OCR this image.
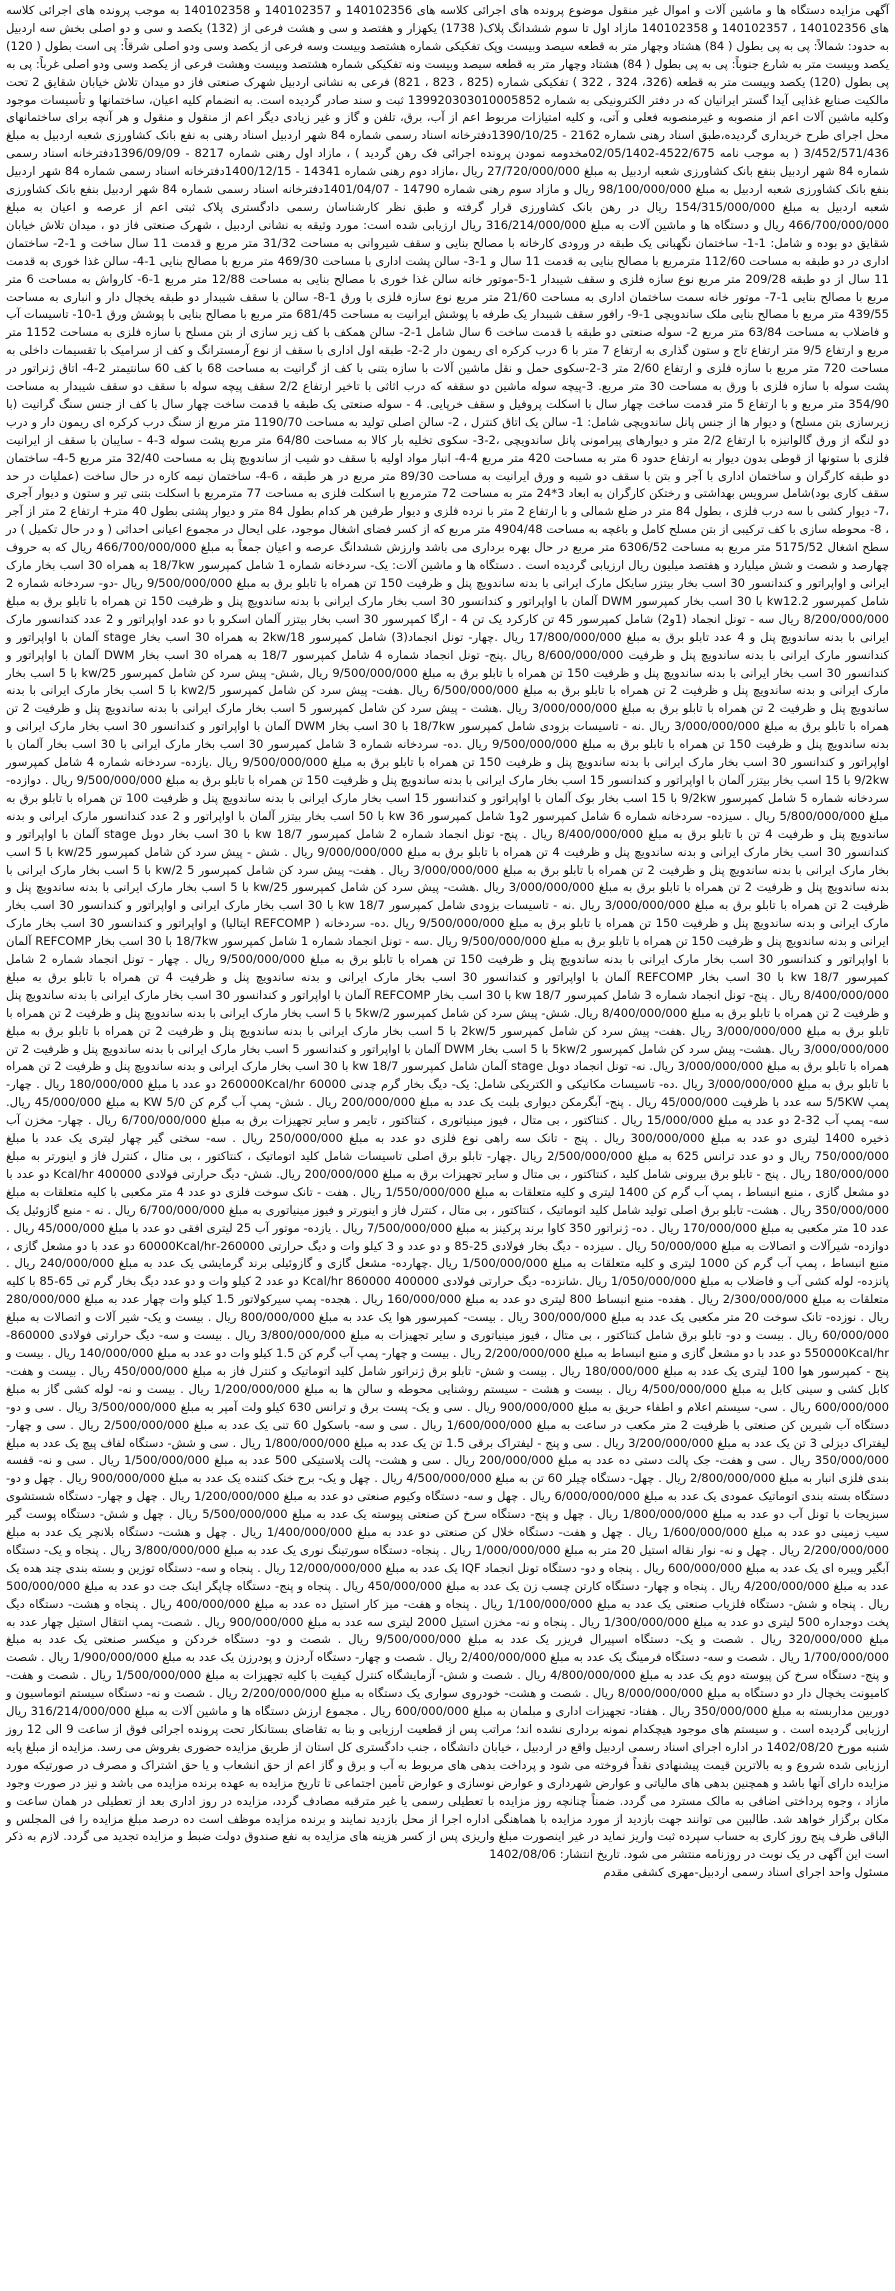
آگهی مزایده دستگاه ها و ماشین آلات و اموال غیر منقول موضوع پرونده های اجرائی کلاسه های 140102356 و 140102357 و 140102358 به موجب پرونده های اجرائی کلاسه های 140102356 ، 140102357 و 140102358 مازاد اول تا سوم ششدانگ پلاک( 1738) یکهزار و هفتصد و سی و هشت فرعی از (132) یکصد و سی و دو اصلی بخش سه اردبیل به حدود: شمالاً: پی به پی بطول ( 84) هشتاد وچهار متر به قطعه سیصد وبیست وپک تفکیکی شماره هشتصد وبیست وسه فرعی از یکصد وسی ودو اصلی شرقاً: پی است بطول ( 120) یکصد وبیست متر به شارع جنوباً: پی به پی بطول ( 84) هشتاد وچهار متر به قطعه سیصد وبیست ونه تفکیکی شماره هشتصد وبیست وهشت فرعی از یکصد وسی ودو اصلی غرباً: پی به پی بطول (120) یکصد وبیست متر به قطعه (326، 324 ، 322 ) تفکیکی شماره (825 ، 823 ، 821) فرعی به نشانی اردبیل شهرک صنعتی فاز دو میدان تلاش خیابان شقایق 2 تحت مالکیت صنایع غذایی آیدا گستر ایرانیان که در دفتر الکترونیکی به شماره 13992030301000585​2 ثبت و سند صادر گردیده است. به انضمام کلیه اعیان، ساختمانها و تأسیسات موجود وکلیه ماشین آلات اعم از منصوبه و غیرمنصوبه فعلی و آتی، و کلیه امتیازات مربوط اعم از آب، برق، تلفن و گاز و غیر زیادی دیگر اعم از منقول و منقول و هر آنچه برای ساختمانهای محل اجرای طرح خریداری گردیده،طبق اسناد رهنی شماره 2162 - 1390/10/25دفترخانه اسناد رسمی شماره 84 شهر اردبیل اسناد رهنی به نفع بانک کشاورزی شعبه اردبیل به مبلغ 3/452/571/436 ( به موجب نامه 4522/675-02/05/1402مخدومه نمودن پرونده اجرائی فک رهن گردید ) ، مازاد اول رهنی شماره 8217 - 1396/09/09دفترخانه اسناد رسمی شماره 84 شهر اردبیل بنفع بانک کشاورزی شعبه اردبیل به مبلغ 27/720/000/000 ریال ،مازاد دوم رهنی شماره 14341 - 1400/12/15دفترخانه اسناد رسمی شماره 84 شهر اردبیل بنفع بانک کشاورزی شعبه اردبیل به مبلغ 98/100/000/000 ریال و مازاد سوم رهنی شماره 14790 - 1401/04/07دفترخانه اسناد رسمی شماره 84 شهر اردبیل بنفع بانک کشاورزی شعبه اردبیل به مبلغ 154/315/000/000 ریال در رهن بانک کشاورزی قرار گرفته و طبق نظر کارشناسان رسمی دادگستری پلاک ثبتی اعم از عرصه و اعیان به مبلغ 466/700/000/000 ریال و دستگاه ها و ماشین آلات به مبلغ 316/214/000/000 ریال ارزیابی شده است: مورد وثیقه به نشانی اردبیل ، شهرک صنعتی فاز دو ، میدان تلاش خیابان شقایق دو بوده و شامل: 1-1- ساختمان نگهبانی یک طبقه در ورودی کارخانه با مصالح بنایی و سقف شیروانی به مساحت 31/32 متر مربع و قدمت 11 سال ساخت و 1-2- ساختمان اداری در دو طبقه به مساحت 112/60 مترمربع با مصالح بنایی به قدمت 11 سال و 1-3- سالن پشت اداری با مساحت 469/30 متر مربع با مصالح بنایی 1-4- سالن غذا خوری به قدمت 11 سال از دو طبقه 209/28 متر مربع نوع سازه فلزی و سقف شیبدار 1-5-موتور خانه سالن غذا خوری با مصالح بنایی به مساحت 12/88 متر مربع 1-6- کارواش به مساحت 6 متر مربع با مصالح بنایی 1-7- موتور خانه سمت ساختمان اداری به مساحت 21/60 متر مربع نوع سازه فلزی با ورق 1-8- سالن با سقف شیبدار دو طبقه یخچال دار و انباری به مساحت 439/55 متر مربع با مصالح بنایی ملک ساندویچی 1-9- رافور سقف شیبدار یک طرفه با پوشش ایرانیت به مساحت 681/45 متر مربع با مصالح بنایی با پوشش ورق 1-10- تاسیسات آب و فاضلاب به مساحت 63/84 متر مربع 2- سوله صنعتی دو طبقه با قدمت ساخت 6 سال شامل 1-2- سالن همکف با کف زیر سازی از بتن مسلح با سازه فلزی به مساحت 1152 متر مربع و ارتفاع 9/5 متر ارتفاع تاج و ستون گذاری به ارتفاع 7 متر با 6 درب کرکره ای ریمون دار 2-2- طبقه اول اداری با سقف از نوع آرمسترانگ و کف از سرامیک با تقسیمات داخلی به مساحت 720 متر مربع با سازه فلزی و ارتفاع 2/60 متر 3-2-سکوی حمل و نقل ماشین آلات با سازه بتنی با کف از گرانیت به مساحت 68 با کف 60 سانتیمتر 2-4- اتاق ژنراتور در پشت سوله با سازه فلزی با ورق به مساحت 30 متر مربع. 3-پیچه سوله ماشین دو سقفه که درب اثاثی با تاخیر ارتفاع 2/2 سقف پیچه سوله با سقف دو سقف شیبدار به مساحت 354/90 متر مربع و با ارتفاع 5 متر قدمت ساخت چهار سال با اسکلت پروفیل و سقف خرپایی. 4 - سوله صنعتی یک طبقه با قدمت ساخت چهار سال با کف از جنس سنگ گرانیت (با زیرسازی بتن مسلح) و دیوار ها از جنس پانل ساندویچی شامل: 1- سالن یک اتاق کنترل ، 2- سالن اصلی تولید به مساحت 1190/70 متر مربع از سنگ درب کرکره ای ریمون دار و درب دو لنگه از ورق گالوانیزه با ارتفاع 2/2 متر و دیوارهای پیرامونی پانل ساندویچی ،2-3- سکوی تخلیه بار کالا به مساحت 64/80 متر مربع پشت سوله 3-4 - سایبان با سقف از ایرانیت فلزی با ستونها از قوطی بدون دیوار به ارتفاع حدود 6 متر به مساحت 420 متر مربع 4-4- انبار مواد اولیه با سقف دو شیب از ساندویچ پنل به مساحت 32/40 متر مربع 5-4- ساختمان دو طبقه کارگران و ساختمان اداری با آجر و بتن با سقف دو شیبه و ورق ایرانیت به مساحت 89/30 متر مربع در هر طبقه ، 6-4- ساختمان نیمه کاره در حال ساخت (عملیات در حد سقف کاری بود)شامل سرویس بهداشتی و رختکن کارگران به ابعاد 3*24 متر به مساحت 72 مترمربع با اسکلت فلزی به مساحت 77 مترمربع با اسکلت بتنی تیر و ستون و دیوار آجری ،7- دیوار کشی با سه درب فلزی ، بطول 84 متر در ضلع شمالی و با ارتفاع 2 متر با نرده فلزی و دیوار طرفین هر کدام بطول 84 متر و دیوار پشتی بطول 40 متر+ ارتفاع 2 متر از آجر ، 8- محوطه سازی با کف ترکیبی از بتن مسلح کامل و باغچه به مساحت 4904/48 متر مربع که از کسر فضای اشغال موجود، علی ایحال در مجموع اعیانی احداثی ( و در حال تکمیل ) در سطح اشغال 5175/52 متر مربع به مساحت 6306/52 متر مربع در حال بهره برداری می باشد وارزش ششدانگ عرصه و اعیان جمعاً به مبلغ 466/700/000/000 ریال که به حروف چهارصد و شصت و شش میلیارد و هفتصد میلیون ریال ارزیابی گردیده است . دستگاه ها و ماشین آلات: یک- سردخانه شماره 1 شامل کمپرسور 18/7kw به همراه 30 اسب بخار مارک ایرانی و اواپراتور و کندانسور 30 اسب بخار بیتزر سایکل مارک ایرانی با بدنه ساندویچ پنل و ظرفیت 150 تن همراه با تابلو برق به مبلغ 9/500/000/000 ریال -دو- سردخانه شماره 2 شامل کمپرسور kw12.2 با 30 اسب بخار کمپرسور DWM آلمان با اواپراتور و کندانسور 30 اسب بخار مارک ایرانی با بدنه ساندویچ پنل و ظرفیت 150 تن همراه با تابلو برق به مبلغ 8/200/000/000 ریال سه - تونل انجماد (1و2) شامل کمپرسور 45 تن کارکرد یک تن 4 - ارگا کمپرسور 30 اسب بخار بیتزر آلمان اسکرو با دو عدد اواپراتور و 2 عدد کندانسور مارک ایرانی با بدنه ساندویچ پنل و 4 عدد تابلو برق به مبلغ 17/800/000/000 ریال .چهار- تونل انجماد(3) شامل کمپرسور 2kw/18 به همراه 30 اسب بخار stage آلمان با اواپراتور و کندانسور مارک ایرانی با بدنه ساندویچ پنل و ظرفیت 8/600/000/000 ریال .پنج- تونل انجماد شماره 4 شامل کمپرسور 18/7 به همراه 30 اسب بخار DWM آلمان با اواپراتور و کندانسور 30 اسب بخار ایرانی با بدنه ساندویچ پنل و ظرفیت 150 تن همراه با تابلو برق به مبلغ 9/500/000/000 ریال ,شش- پیش سرد کن شامل کمپرسور kw/25 با 5 اسب بخار مارک ایرانی و بدنه ساندویچ پنل و ظرفیت 2 تن همراه با تابلو برق به مبلغ 6/500/000/000 ریال .هفت- پیش سرد کن شامل کمپرسور kw2/5 با 5 اسب بخار مارک ایرانی با بدنه ساندویچ پنل و ظرفیت 2 تن همراه با تابلو برق به مبلغ 3/000/000/000 ریال .هشت - پیش سرد کن شامل کمپرسور 5 اسب بخار مارک ایرانی با بدنه ساندویچ پنل و ظرفیت 2 تن همراه با تابلو برق به مبلغ 3/000/000/000 ریال .نه - تاسیسات بزودی شامل کمپرسور 18/7kw با 30 اسب بخار DWM آلمان با اواپراتور و کندانسور 30 اسب بخار مارک ایرانی و بدنه ساندویچ پنل و ظرفیت 150 تن همراه با تابلو برق به مبلغ 9/500/000/000 ریال .ده- سردخانه شماره 3 شامل کمپرسور 30 اسب بخار مارک ایرانی با 30 اسب بخار آلمان با اواپراتور و کندانسور 30 اسب بخار مارک ایرانی با بدنه ساندویچ پنل و ظرفیت 150 تن همراه با تابلو برق به مبلغ 9/500/000/000 ریال .یازده- سردخانه شماره 4 شامل کمپرسور 9/2kw با 15 اسب بخار بیتزر آلمان با اواپراتور و کندانسور 15 اسب بخار مارک ایرانی با بدنه ساندویچ پنل و ظرفیت 150 تن همراه با تابلو برق به مبلغ 9/500/000/000 ریال . دوازده- سردخانه شماره 5 شامل کمپرسور 9/2kw با 15 اسب بخار بوک آلمان با اواپراتور و کندانسور 15 اسب بخار مارک ایرانی با بدنه ساندویچ پنل و ظرفیت 100 تن همراه با تابلو برق به مبلغ 5/800/000/000 ریال . سیزده- سردخانه شماره 6 شامل کمپرسور 2و1 شامل کمپرسور 36 kw با 50 اسب بخار بیتزر آلمان با اواپراتور و 2 عدد کندانسور مارک ایرانی و بدنه ساندویچ پنل و ظرفیت 4 تن با تابلو برق به مبلغ 8/400/000/000 ریال . پنج- تونل انجماد شماره 2 شامل کمپرسور 18/7 kw با 30 اسب بخار دوبل stage آلمان با اواپراتور و کندانسور 30 اسب بخار مارک ایرانی و بدنه ساندویچ پنل و ظرفیت 4 تن همراه با تابلو برق به مبلغ 9/000/000/000 ریال . شش - پیش سرد کن شامل کمپرسور kw/25 با 5 اسب بخار مارک ایرانی با بدنه ساندویچ پنل و ظرفیت 2 تن همراه با تابلو برق به مبلغ 3/000/000/000 ریال . هفت- پیش سرد کن شامل کمپرسور 5 kw/2 با 5 اسب بخار مارک ایرانی با بدنه ساندویچ پنل و ظرفیت 2 تن همراه با تابلو برق به مبلغ 3/000/000/000 ریال .هشت- پیش سرد کن شامل کمپرسور kw/25 با 5 اسب بخار مارک ایرانی با بدنه ساندویچ پنل و ظرفیت 2 تن همراه با تابلو برق به مبلغ 3/000/000/000 ریال .نه - تاسیسات بزودی شامل کمپرسور 18/7 kw با 30 اسب بخار مارک ایرانی و اواپراتور و کندانسور 30 اسب بخار مارک ایرانی و بدنه ساندویچ پنل و ظرفیت 150 تن همراه با تابلو برق به مبلغ 9/500/000/000 ریال .ده- سردخانه ( REFCOMP ایتالیا) و اواپراتور و کندانسور 30 اسب بخار مارک ایرانی و بدنه ساندویچ پنل و ظرفیت 150 تن همراه با تابلو برق به مبلغ 9/500/000/000 ریال .سه - تونل انجماد شماره 1 شامل کمپرسور 18/7kw با 30 اسب بخار REFCOMP آلمان با اواپراتور و کندانسور 30 اسب بخار مارک ایرانی با بدنه ساندویچ پنل و ظرفیت 150 تن همراه با تابلو برق به مبلغ 9/500/000/000 ریال . چهار - تونل انجماد شماره 2 شامل کمپرسور 18/7 kw با 30 اسب بخار REFCOMP آلمان با اواپراتور و کندانسور 30 اسب بخار مارک ایرانی و بدنه ساندویچ پنل و ظرفیت 4 تن همراه با تابلو برق به مبلغ 8/400/000/000 ریال . پنج- تونل انجماد شماره 3 شامل کمپرسور 18/7 kw با 30 اسب بخار REFCOMP آلمان با اواپراتور و کندانسور 30 اسب بخار مارک ایرانی با بدنه ساندویچ پنل و ظرفیت 2 تن همراه با تابلو برق به مبلغ 8/400/000/000 ریال. شش- پیش سرد کن شامل کمپرسور 5kw/2 با 5 اسب بخار مارک ایرانی با بدنه ساندویچ پنل و ظرفیت 2 تن همراه با تابلو برق به مبلغ 3/000/000/000 ریال .هفت- پیش سرد کن شامل کمپرسور 2kw/5 با 5 اسب بخار مارک ایرانی با بدنه ساندویچ پنل و ظرفیت 2 تن همراه با تابلو برق به مبلغ 3/000/000/000 ریال .هشت- پیش سرد کن شامل کمپرسور 5kw/2 با 5 اسب بخار DWM آلمان با اواپراتور و کندانسور 5 اسب بخار مارک ایرانی با بدنه ساندویچ پنل و ظرفیت 2 تن همراه با تابلو برق به مبلغ 3/000/000/000 ریال. نه- تونل انجماد دوبل stage آلمان شامل کمپرسور 18/7 kw با 30 اسب بخار مارک ایرانی و بدنه ساندویچ پنل و ظرفیت 2 تن همراه با تابلو برق به مبلغ 3/000/000/000 ریال .ده- تاسیسات مکانیکی و الکتریکی شامل: یک- دیگ بخار گرم چدنی 260000Kcal/hr 60000 دو عدد با مبلغ 180/000/000 ریال . چهار- پمپ 5/5KW سه عدد با ظرفیت 45/000/000 ریال . پنج- آبگرمکن دیواری بلبت یک عدد به مبلغ 200/000/000 ریال . شش- پمپ آب گرم کن 5/0 KW به مبلغ 45/000/000 ریال. سه- پمپ آب 32-2 دو عدد به مبلغ 15/000/000 ریال . کنتاکتور ، بی متال ، فیوز مینیاتوری ، کنتاکتور ، تایمر و سایر تجهیزات برق به مبلغ 6/700/000/000 ریال . چهار- مخزن آب ذخیره 1400 لیتری دو عدد به مبلغ 300/000/000 ریال . پنج - تانک سه راهی نوع فلزی دو عدد به مبلغ 250/000/000 ریال . سه- سختی گیر چهار لیتری یک عدد با مبلغ 750/000/000 ریال و دو عدد ترانس 625 به مبلغ 2/500/000/000 ریال .چهار- تابلو برق اصلی تاسیسات شامل کلید اتوماتیک ، کنتاکتور ، بی متال ، کنترل فاز و اینورتر به مبلغ 180/000/000 ریال . پنج - تابلو برق بیرونی شامل کلید ، کنتاکتور ، بی متال و سایر تجهیزات برق به مبلغ 200/000/000 ریال. شش- دیگ حرارتی فولادی Kcal/hr 400000 دو عدد با دو مشعل گازی ، منبع انبساط ، پمپ آب گرم کن 1400 لیتری و کلیه متعلقات به مبلغ 1/550/000/000 ریال . هفت - تانک سوخت فلزی دو عدد 4 متر مکعبی با کلیه متعلقات به مبلغ 350/000/000 ریال . هشت- تابلو برق اصلی تولید شامل کلید اتوماتیک ، کنتاکتور ، بی متال ، کنترل فاز و اینورتر و فیوز مینیاتوری به مبلغ 6/700/000/000 ریال . نه - منبع گازوئیل یک عدد 10 متر مکعبی به مبلغ 170/000/000 ریال . ده- ژنراتور 350 کاوا برند پرکینز به مبلغ 7/500/000/000 ریال . یازده- موتور آب 25 لیتری افقی دو عدد با مبلغ 45/000/000 ریال . دوازده- شیرآلات و اتصالات به مبلغ 50/000/000 ریال . سیزده - دیگ بخار فولادی 25-85 و دو عدد و 3 کیلو وات و دیگ حرارتی 260000-60000Kcal/hr دو عدد با دو مشعل گازی ، منبع انبساط ، پمپ آب گرم کن 1000 لیتری و کلیه متعلقات به مبلغ 1/500/000/000 ریال .چهارده- مشعل گازی و گازوئیلی برند گرمایشی یک عدد به مبلغ 240/000/000 ریال . پانزده- لوله کشی آب و فاضلاب به مبلغ 1/050/000/000 ریال .شانزده- دیگ حرارتی فولادی 400000 Kcal/hr 860000 دو عدد 2 کیلو وات و دو عدد دیگ بخار گرم تی 65-85 با کلیه متعلقات به مبلغ 2/300/000/000 ریال . هفده- منبع انبساط 800 لیتری دو عدد به مبلغ 160/000/000 ریال . هجده- پمپ سیرکولاتور 1.5 کیلو وات چهار عدد به مبلغ 280/000/000 ریال . نوزده- تانک سوخت 20 متر مکعبی یک عدد به مبلغ 300/000/000 ریال . بیست- کمپرسور هوا یک عدد به مبلغ 800/000/000 ریال . بیست و یک- شیر آلات و اتصالات به مبلغ 60/000/000 ریال . بیست و دو- تابلو برق شامل کنتاکتور ، بی متال ، فیوز مینیاتوری و سایر تجهیزات به مبلغ 3/800/000/000 ریال . بیست و سه- دیگ حرارتی فولادی 860000-550000Kcal/hr دو عدد با دو مشعل گازی و منبع انبساط به مبلغ 2/200/000/000 ریال . بیست و چهار- پمپ آب گرم کن 1.5 کیلو وات دو عدد به مبلغ 140/000/000 ریال . بیست و پنج - کمپرسور هوا 100 لیتری یک عدد به مبلغ 180/000/000 ریال . بیست و شش- تابلو برق ژنراتور شامل کلید اتوماتیک و کنترل فاز به مبلغ 450/000/000 ریال . بیست و هفت- کابل کشی و سینی کابل به مبلغ 4/500/000/000 ریال . بیست و هشت - سیستم روشنایی محوطه و سالن ها به مبلغ 1/200/000/000 ریال . بیست و نه- لوله کشی گاز به مبلغ 600/000/000 ریال . سی- سیستم اعلام و اطفاء حریق به مبلغ 900/000/000 ریال . سی و یک- پست برق و ترانس 630 کیلو ولت آمپر به مبلغ 3/500/000/000 ریال . سی و دو- دستگاه آب شیرین کن صنعتی با ظرفیت 2 متر مکعب در ساعت به مبلغ 1/600/000/000 ریال . سی و سه- باسکول 60 تنی یک عدد به مبلغ 2/500/000/000 ریال . سی و چهار- لیفتراک دیزلی 3 تن یک عدد به مبلغ 3/200/000/000 ریال . سی و پنج - لیفتراک برقی 1.5 تن یک عدد به مبلغ 1/800/000/000 ریال . سی و شش- دستگاه لفاف پیچ یک عدد به مبلغ 350/000/000 ریال . سی و هفت- جک پالت دستی ده عدد به مبلغ 200/000/000 ریال . سی و هشت- پالت پلاستیکی 500 عدد به مبلغ 1/500/000/000 ریال . سی و نه- قفسه بندی فلزی انبار به مبلغ 2/800/000/000 ریال . چهل- دستگاه چیلر 60 تن به مبلغ 4/500/000/000 ریال . چهل و یک- برج خنک کننده یک عدد به مبلغ 900/000/000 ریال . چهل و دو- دستگاه بسته بندی اتوماتیک عمودی یک عدد به مبلغ 6/000/000/000 ریال . چهل و سه- دستگاه وکیوم صنعتی دو عدد به مبلغ 1/200/000/000 ریال . چهل و چهار- دستگاه شستشوی سبزیجات با تونل آب دو عدد به مبلغ 1/800/000/000 ریال . چهل و پنج- دستگاه سرخ کن صنعتی پیوسته یک عدد به مبلغ 5/500/000/000 ریال . چهل و شش- دستگاه پوست گیر سیب زمینی دو عدد به مبلغ 1/600/000/000 ریال . چهل و هفت- دستگاه خلال کن صنعتی دو عدد به مبلغ 1/400/000/000 ریال . چهل و هشت- دستگاه بلانچر یک عدد به مبلغ 2/200/000/000 ریال . چهل و نه- نوار نقاله استیل 20 متر به مبلغ 1/000/000/000 ریال . پنجاه- دستگاه سورتینگ نوری یک عدد به مبلغ 3/800/000/000 ریال . پنجاه و یک- دستگاه آبگیر ویبره ای یک عدد به مبلغ 600/000/000 ریال . پنجاه و دو- دستگاه تونل انجماد IQF یک عدد به مبلغ 12/000/000/000 ریال . پنجاه و سه- دستگاه توزین و بسته بندی چند هده یک عدد به مبلغ 4/200/000/000 ریال . پنجاه و چهار- دستگاه کارتن چسب زن یک عدد به مبلغ 450/000/000 ریال . پنجاه و پنج- دستگاه چاپگر اینک جت دو عدد به مبلغ 500/000/000 ریال . پنجاه و شش- دستگاه فلزیاب صنعتی یک عدد به مبلغ 1/100/000/000 ریال . پنجاه و هفت- میز کار استیل ده عدد به مبلغ 400/000/000 ریال . پنجاه و هشت- دستگاه دیگ پخت دوجداره 500 لیتری دو عدد به مبلغ 1/300/000/000 ریال . پنجاه و نه- مخزن استیل 2000 لیتری سه عدد به مبلغ 900/000/000 ریال . شصت- پمپ انتقال استیل چهار عدد به مبلغ 320/000/000 ریال . شصت و یک- دستگاه اسپیرال فریزر یک عدد به مبلغ 9/500/000/000 ریال . شصت و دو- دستگاه خردکن و میکسر صنعتی یک عدد به مبلغ 1/700/000/000 ریال . شصت و سه- دستگاه فرمینگ یک عدد به مبلغ 2/400/000/000 ریال . شصت و چهار- دستگاه آردزن و پودرزن یک عدد به مبلغ 1/900/000/000 ریال . شصت و پنج- دستگاه سرخ کن پیوسته دوم یک عدد به مبلغ 4/800/000/000 ریال . شصت و شش- آزمایشگاه کنترل کیفیت با کلیه تجهیزات به مبلغ 1/500/000/000 ریال . شصت و هفت- کامیونت یخچال دار دو دستگاه به مبلغ 8/000/000/000 ریال . شصت و هشت- خودروی سواری یک دستگاه به مبلغ 2/200/000/000 ریال . شصت و نه- دستگاه سیستم اتوماسیون و دوربین مداربسته به مبلغ 350/000/000 ریال . هفتاد- تجهیزات اداری و مبلمان به مبلغ 600/000/000 ریال . مجموع ارزش دستگاه ها و ماشین آلات به مبلغ 316/214/000/000 ریال ارزیابی گردیده است . و سیستم های موجود هیچکدام نمونه برداری نشده اند؛ مراتب پس از قطعیت ارزیابی و بنا به تقاضای بستانکار تحت پرونده اجرائی فوق از ساعت 9 الی 12 روز شنبه مورخ ‎1402/08/20‏ در اداره اجرای اسناد رسمی اردبیل واقع در اردبیل ، خیابان دانشگاه ، جنب دادگستری کل استان از طریق مزایده حضوری بفروش می رسد. مزایده از مبلغ پایه ارزیابی شده شروع و به بالاترین قیمت پیشنهادی نقداً فروخته می شود و پرداخت بدهی های مربوط به آب و برق و گاز اعم از حق انشعاب و یا حق اشتراک و مصرف در صورتیکه مورد مزایده دارای آنها باشد و همچنین بدهی های مالیاتی و عوارض شهرداری و عوارض نوسازی و عوارض تأمین اجتماعی تا تاریخ مزایده به عهده برنده مزایده می باشد و نیز در صورت وجود مازاد ، وجوه پرداختی اضافی به مالک مسترد می گردد. ضمناً چنانچه روز مزایده با تعطیلی رسمی یا غیر مترقبه مصادف گردد، مزایده در روز اداری بعد از تعطیلی در همان ساعت و مکان برگزار خواهد شد. طالبین می توانند جهت بازدید از مورد مزایده با هماهنگی اداره اجرا از محل بازدید نمایند و برنده مزایده موظف است ده درصد مبلغ مزایده را فی المجلس و الباقی ظرف پنج روز کاری به حساب سپرده ثبت واریز نماید در غیر اینصورت مبلغ واریزی پس از کسر هزینه های مزایده به نفع صندوق دولت ضبط و مزایده تجدید می گردد. لازم به ذکر است این آگهی در یک نوبت در روزنامه منتشر می شود. تاریخ انتشار: ‎1402/08/06‏
مسئول واحد اجرای اسناد رسمی اردبیل-مهری کشفی مقدم
